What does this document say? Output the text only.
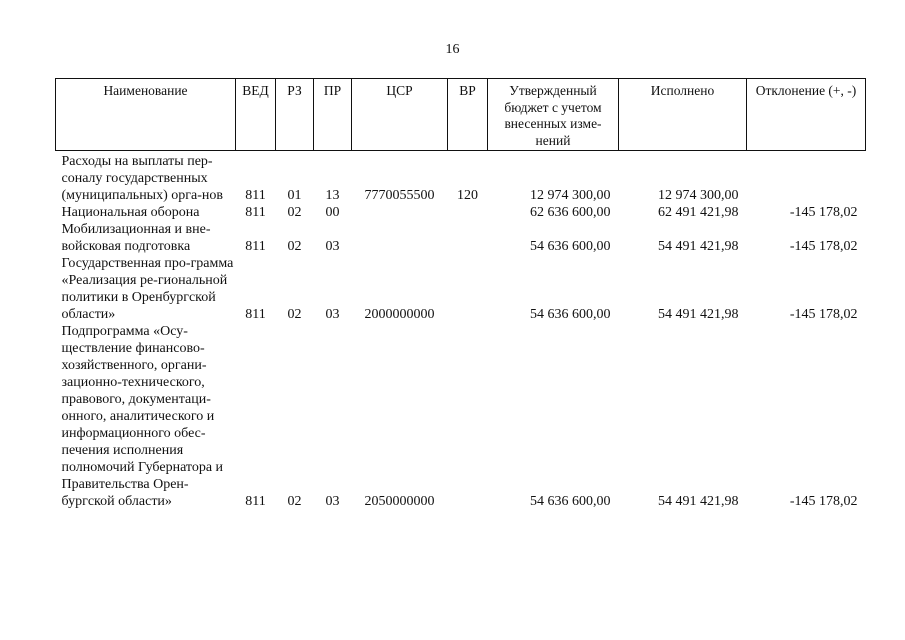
16
Наименование	ВЕД	РЗ	ПР	ЦСР	ВР	Утвержденный бюджет с учетом внесенных изме-нений	Исполнено	Отклонение (+, -)
Расходы на выплаты пер-сонaлу государственных (муниципальных) орга-нов	811	01	13	7770055500	120	12 974 300,00	12 974 300,00	
Национальная оборона	811	02	00			62 636 600,00	62 491 421,98	-145 178,02
Мобилизационная и вне-войсковая подготовка	811	02	03			54 636 600,00	54 491 421,98	-145 178,02
Государственная про-грамма «Реализация ре-гиональной политики в Оренбургской области»	811	02	03	2000000000		54 636 600,00	54 491 421,98	-145 178,02
Подпрограмма «Осу-ществление финансово-хозяйственного, органи-зационно-технического, правового, документаци-онного, аналитического и информационного обес-печения исполнения полномочий Губернатора и Правительства Орен-бургской области»	811	02	03	2050000000		54 636 600,00	54 491 421,98	-145 178,02
